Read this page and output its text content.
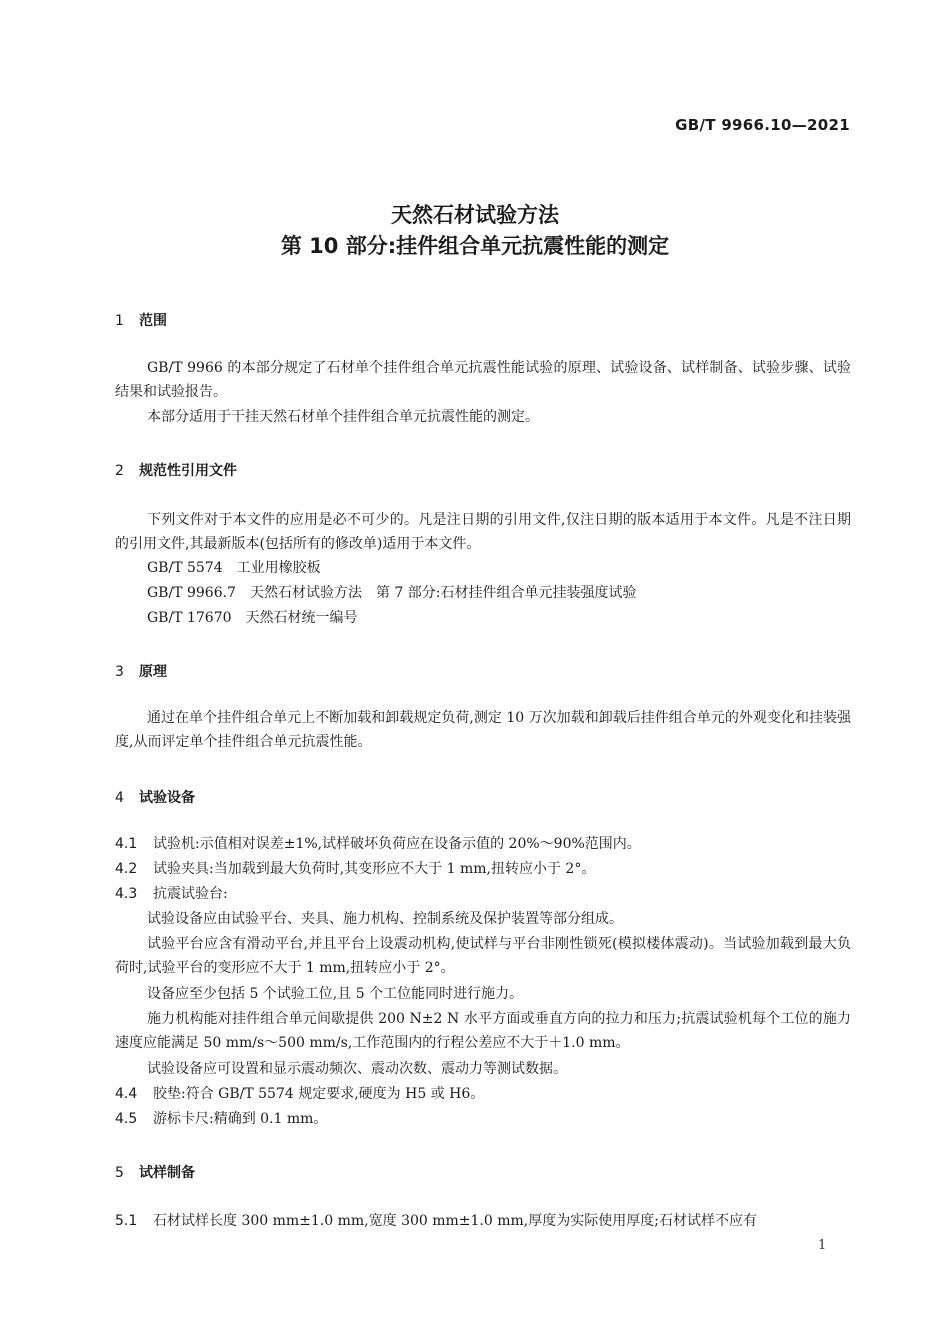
GB/T 9966.10—2021
天然石材试验方法
第 10 部分:挂件组合单元抗震性能的测定
1 范围
GB/T 9966 的本部分规定了石材单个挂件组合单元抗震性能试验的原理、试验设备、试样制备、试验步骤、试验结果和试验报告。
本部分适用于干挂天然石材单个挂件组合单元抗震性能的测定。
2 规范性引用文件
下列文件对于本文件的应用是必不可少的。凡是注日期的引用文件,仅注日期的版本适用于本文件。凡是不注日期的引用文件,其最新版本(包括所有的修改单)适用于本文件。
GB/T 5574　工业用橡胶板
GB/T 9966.7　天然石材试验方法　第 7 部分:石材挂件组合单元挂装强度试验
GB/T 17670　天然石材统一编号
3 原理
通过在单个挂件组合单元上不断加载和卸载规定负荷,测定 10 万次加载和卸载后挂件组合单元的外观变化和挂装强度,从而评定单个挂件组合单元抗震性能。
4 试验设备
4.1 试验机:示值相对误差±1%,试样破坏负荷应在设备示值的 20%～90%范围内。
4.2 试验夹具:当加载到最大负荷时,其变形应不大于 1 mm,扭转应小于 2°。
4.3 抗震试验台:
试验设备应由试验平台、夹具、施力机构、控制系统及保护装置等部分组成。
试验平台应含有滑动平台,并且平台上设震动机构,使试样与平台非刚性锁死(模拟楼体震动)。当试验加载到最大负荷时,试验平台的变形应不大于 1 mm,扭转应小于 2°。
设备应至少包括 5 个试验工位,且 5 个工位能同时进行施力。
施力机构能对挂件组合单元间歇提供 200 N±2 N 水平方面或垂直方向的拉力和压力;抗震试验机每个工位的施力速度应能满足 50 mm/s～500 mm/s,工作范围内的行程公差应不大于＋1.0 mm。
试验设备应可设置和显示震动频次、震动次数、震动力等测试数据。
4.4 胶垫:符合 GB/T 5574 规定要求,硬度为 H5 或 H6。
4.5 游标卡尺:精确到 0.1 mm。
5 试样制备
5.1 石材试样长度 300 mm±1.0 mm,宽度 300 mm±1.0 mm,厚度为实际使用厚度;石材试样不应有
1
